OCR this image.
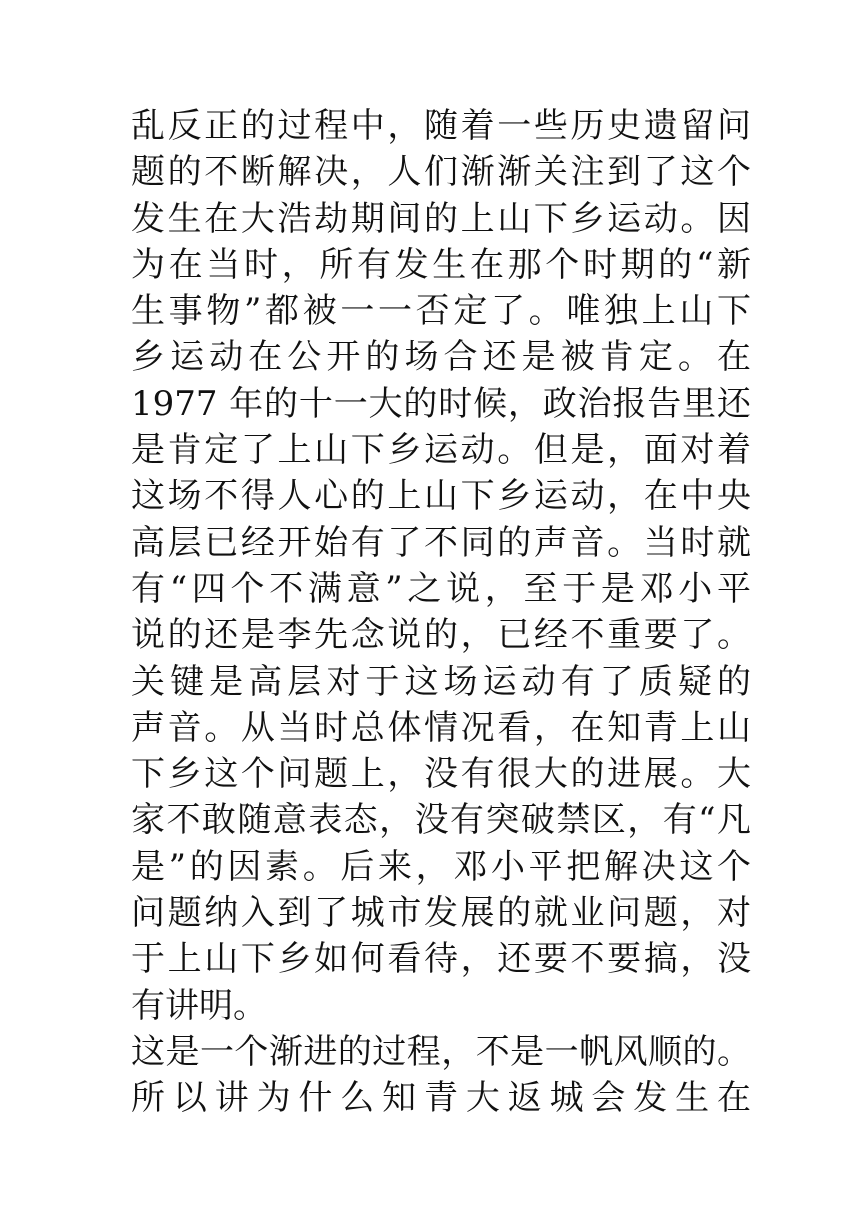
乱反正的过程中，随着一些历史遗留问
题的不断解决，人们渐渐关注到了这个
发生在大浩劫期间的上山下乡运动。因
为在当时，所有发生在那个时期的“新
生事物”都被一一否定了。唯独上山下
乡运动在公开的场合还是被肯定。在
1977 年的十一大的时候，政治报告里还
是肯定了上山下乡运动。但是，面对着
这场不得人心的上山下乡运动，在中央
高层已经开始有了不同的声音。当时就
有“四个不满意”之说，至于是邓小平
说的还是李先念说的，已经不重要了。
关键是高层对于这场运动有了质疑的
声音。从当时总体情况看，在知青上山
下乡这个问题上，没有很大的进展。大
家不敢随意表态，没有突破禁区，有“凡
是”的因素。后来，邓小平把解决这个
问题纳入到了城市发展的就业问题，对
于上山下乡如何看待，还要不要搞，没
有讲明。
这是一个渐进的过程，不是一帆风顺的。
所以讲为什么知青大返城会发生在
